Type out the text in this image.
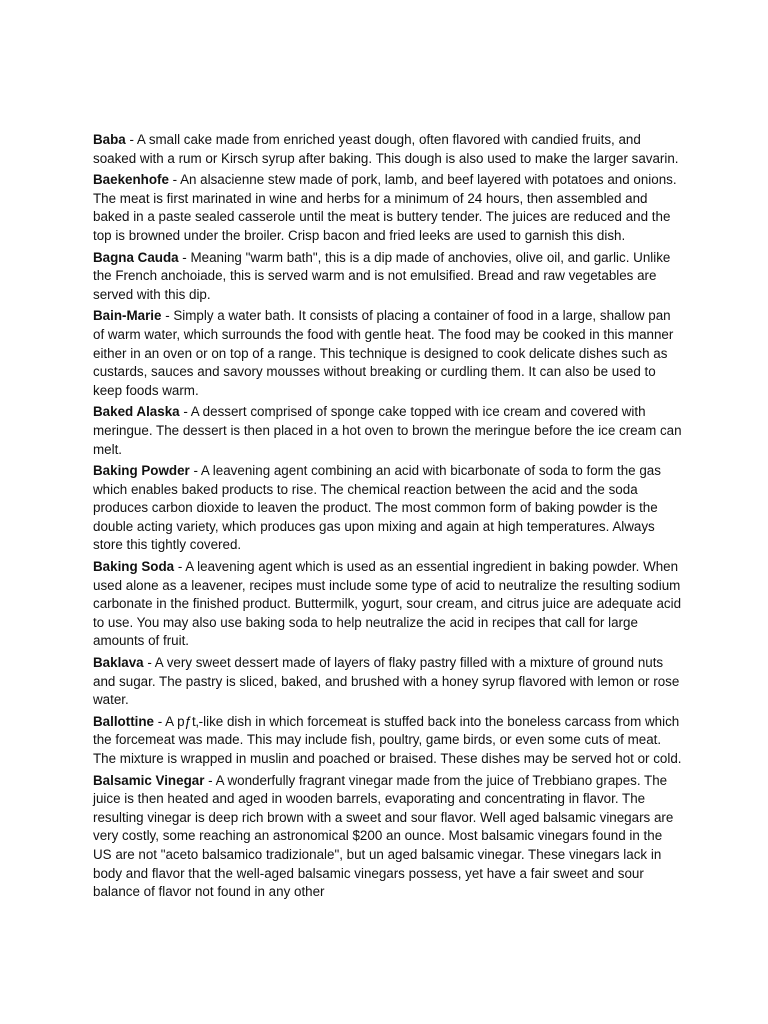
Baba - A small cake made from enriched yeast dough, often flavored with candied fruits, and soaked with a rum or Kirsch syrup after baking. This dough is also used to make the larger savarin.

Baekenhofe - An alsacienne stew made of pork, lamb, and beef layered with potatoes and onions. The meat is first marinated in wine and herbs for a minimum of 24 hours, then assembled and baked in a paste sealed casserole until the meat is buttery tender. The juices are reduced and the top is browned under the broiler. Crisp bacon and fried leeks are used to garnish this dish.

Bagna Cauda - Meaning "warm bath", this is a dip made of anchovies, olive oil, and garlic. Unlike the French anchoiade, this is served warm and is not emulsified. Bread and raw vegetables are served with this dip.

Bain-Marie - Simply a water bath. It consists of placing a container of food in a large, shallow pan of warm water, which surrounds the food with gentle heat. The food may be cooked in this manner either in an oven or on top of a range. This technique is designed to cook delicate dishes such as custards, sauces and savory mousses without breaking or curdling them. It can also be used to keep foods warm.

Baked Alaska - A dessert comprised of sponge cake topped with ice cream and covered with meringue. The dessert is then placed in a hot oven to brown the meringue before the ice cream can melt.

Baking Powder - A leavening agent combining an acid with bicarbonate of soda to form the gas which enables baked products to rise. The chemical reaction between the acid and the soda produces carbon dioxide to leaven the product. The most common form of baking powder is the double acting variety, which produces gas upon mixing and again at high temperatures. Always store this tightly covered.

Baking Soda - A leavening agent which is used as an essential ingredient in baking powder. When used alone as a leavener, recipes must include some type of acid to neutralize the resulting sodium carbonate in the finished product. Buttermilk, yogurt, sour cream, and citrus juice are adequate acid to use. You may also use baking soda to help neutralize the acid in recipes that call for large amounts of fruit.

Baklava - A very sweet dessert made of layers of flaky pastry filled with a mixture of ground nuts and sugar. The pastry is sliced, baked, and brushed with a honey syrup flavored with lemon or rose water.

Ballottine - A pƒt‚-like dish in which forcemeat is stuffed back into the boneless carcass from which the forcemeat was made. This may include fish, poultry, game birds, or even some cuts of meat. The mixture is wrapped in muslin and poached or braised. These dishes may be served hot or cold.

Balsamic Vinegar - A wonderfully fragrant vinegar made from the juice of Trebbiano grapes. The juice is then heated and aged in wooden barrels, evaporating and concentrating in flavor. The resulting vinegar is deep rich brown with a sweet and sour flavor. Well aged balsamic vinegars are very costly, some reaching an astronomical $200 an ounce. Most balsamic vinegars found in the US are not "aceto balsamico tradizionale", but un aged balsamic vinegar. These vinegars lack in body and flavor that the well-aged balsamic vinegars possess, yet have a fair sweet and sour balance of flavor not found in any other
